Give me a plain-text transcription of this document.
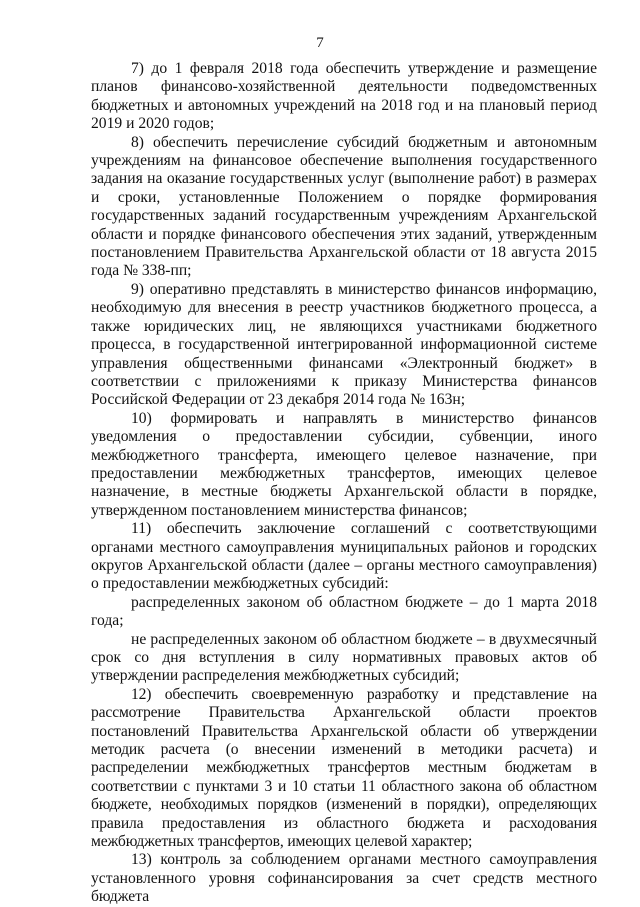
7

7) до 1 февраля 2018 года обеспечить утверждение и размещение планов финансово-хозяйственной деятельности подведомственных бюджетных и автономных учреждений на 2018 год и на плановый период 2019 и 2020 годов;

8) обеспечить перечисление субсидий бюджетным и автономным учреждениям на финансовое обеспечение выполнения государственного задания на оказание государственных услуг (выполнение работ) в размерах и сроки, установленные Положением о порядке формирования государственных заданий государственным учреждениям Архангельской области и порядке финансового обеспечения этих заданий, утвержденным постановлением Правительства Архангельской области от 18 августа 2015 года № 338-пп;

9) оперативно представлять в министерство финансов информацию, необходимую для внесения в реестр участников бюджетного процесса, а также юридических лиц, не являющихся участниками бюджетного процесса, в государственной интегрированной информационной системе управления общественными финансами «Электронный бюджет» в соответствии с приложениями к приказу Министерства финансов Российской Федерации от 23 декабря 2014 года № 163н;

10) формировать и направлять в министерство финансов уведомления о предоставлении субсидии, субвенции, иного межбюджетного трансферта, имеющего целевое назначение, при предоставлении межбюджетных трансфертов, имеющих целевое назначение, в местные бюджеты Архангельской области в порядке, утвержденном постановлением министерства финансов;

11) обеспечить заключение соглашений с соответствующими органами местного самоуправления муниципальных районов и городских округов Архангельской области (далее – органы местного самоуправления) о предоставлении межбюджетных субсидий:

распределенных законом об областном бюджете – до 1 марта 2018 года;

не распределенных законом об областном бюджете – в двухмесячный срок со дня вступления в силу нормативных правовых актов об утверждении распределения межбюджетных субсидий;

12) обеспечить своевременную разработку и представление на рассмотрение Правительства Архангельской области проектов постановлений Правительства Архангельской области об утверждении методик расчета (о внесении изменений в методики расчета) и распределении межбюджетных трансфертов местным бюджетам в соответствии с пунктами 3 и 10 статьи 11 областного закона об областном бюджете, необходимых порядков (изменений в порядки), определяющих правила предоставления из областного бюджета и расходования межбюджетных трансфертов, имеющих целевой характер;

13) контроль за соблюдением органами местного самоуправления установленного уровня софинансирования за счет средств местного бюджета
